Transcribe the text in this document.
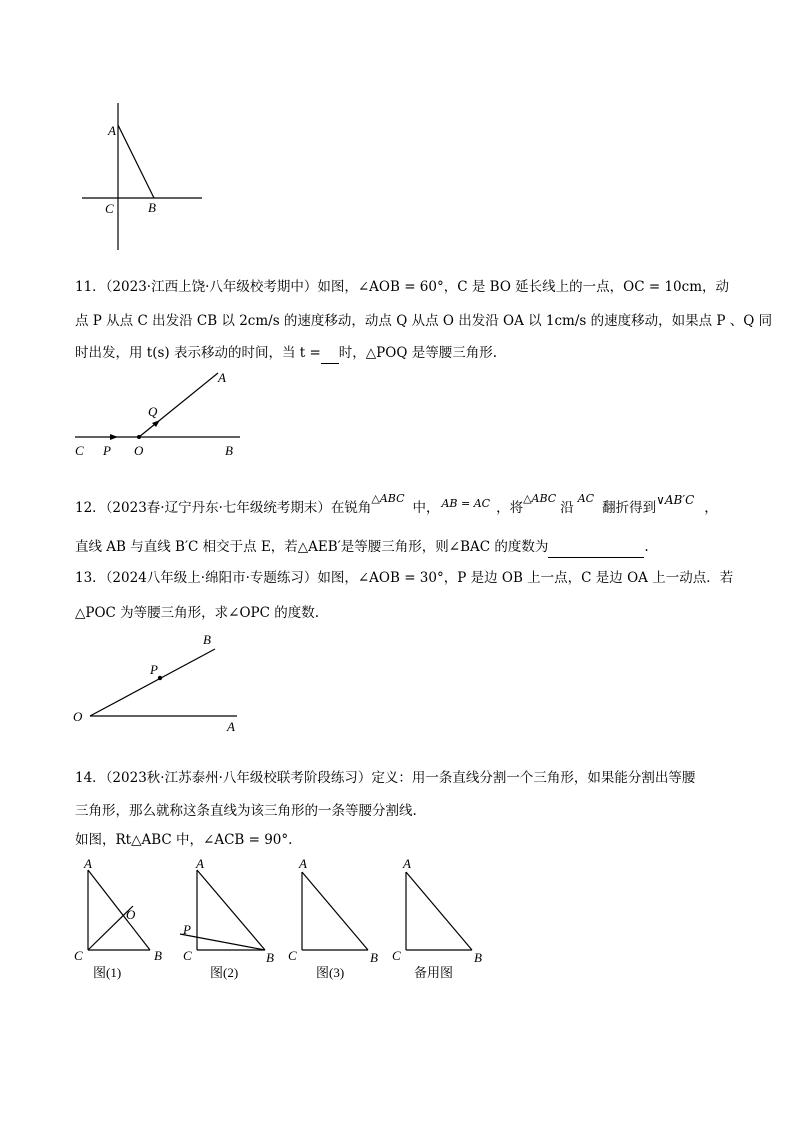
A
C	B
11．（2023·江西上饶·八年级校考期中）如图，∠AOB = 60°，C 是 BO 延长线上的一点，OC = 10cm，动
点 P 从点 C 出发沿 CB 以 2cm/s 的速度移动，动点 Q 从点 O 出发沿 OA 以 1cm/s 的速度移动，如果点 P 、Q 同
时出发，用 t(s) 表示移动的时间，当 t = 时，△POQ 是等腰三角形.
A
Q
C P O	B
12．（2023春·辽宁丹东·七年级统考期末）在锐角$^{\triangle ABC}$中， $^{AB = AC}$ ，将$^{\triangle ABC}$沿$^{AC}$翻折得到∨AB′C ，
直线 AB 与直线 B′C 相交于点 E，若△AEB′是等腰三角形，则∠BAC 的度数为	.
13．（2024八年级上·绵阳市·专题练习）如图，∠AOB = 30°，P 是边 OB 上一点，C 是边 OA 上一动点．若
△POC 为等腰三角形，求∠OPC 的度数.
B
P
O
A
14．（2023秋·江苏泰州·八年级校联考阶段练习）定义：用一条直线分割一个三角形，如果能分割出等腰
三角形，那么就称这条直线为该三角形的一条等腰分割线.
如图，Rt△ABC 中，∠ACB = 90°.
A
O
C	B
图(1)
A
P
C	B
图(2)
A
C	B
图(3)
A
C	B
备用图
